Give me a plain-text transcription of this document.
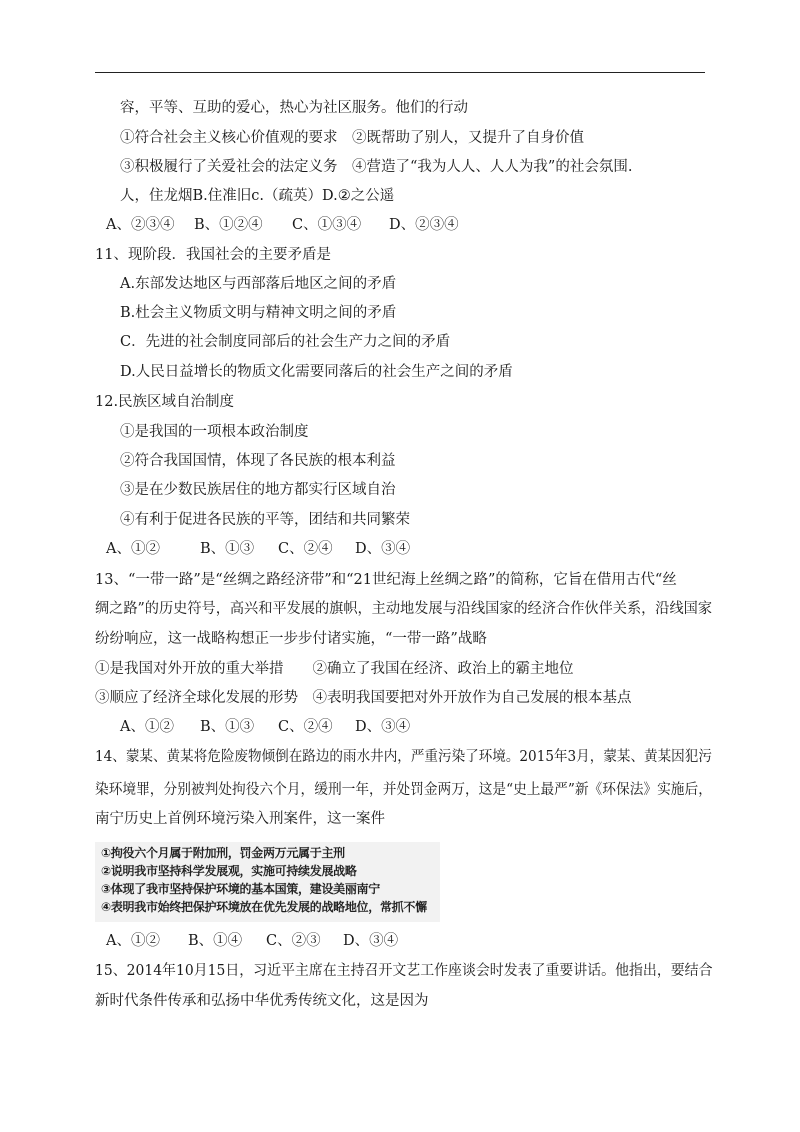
容，平等、互助的爱心，热心为社区服务。他们的行动
①符合社会主义核心价值观的要求　②既帮助了别人，又提升了自身价值
③积极履行了关爱社会的法定义务　④营造了“我为人人、人人为我”的社会氛围.
人，住龙烟B.住准旧c.（疏英）D.②之公遥
A、②③④ B、①②④ C、①③④ D、②③④
11、现阶段．我国社会的主要矛盾是
A.东部发达地区与西部落后地区之间的矛盾
B.杜会主义物质文明与精神文明之间的矛盾
C．先进的社会制度同部后的社会生产力之间的矛盾
D.人民日益增长的物质文化需要同落后的社会生产之间的矛盾
12.民族区域自治制度
①是我国的一项根本政治制度
②符合我国国情，体现了各民族的根本利益
③是在少数民族居住的地方都实行区域自治
④有利于促进各民族的平等，团结和共同繁荣
A、①②	B、①③ C、②④ D、③④
13、“一带一路”是“丝绸之路经济带”和“21世纪海上丝绸之路”的简称，它旨在借用古代“丝
绸之路”的历史符号，高兴和平发展的旗帜，主动地发展与沿线国家的经济合作伙伴关系，沿线国家
纷纷响应，这一战略构想正一步步付诸实施，“一带一路”战略
①是我国对外开放的重大举措　　②确立了我国在经济、政治上的霸主地位
③顺应了经济全球化发展的形势　④表明我国要把对外开放作为自己发展的根本基点
A、①② B、①③ C、②④ D、③④
14、蒙某、黄某将危险废物倾倒在路边的雨水井内，严重污染了环境。2015年3月，蒙某、黄某因犯污
染环境罪，分别被判处拘役六个月，缓刑一年，并处罚金两万，这是“史上最严”新《环保法》实施后，
南宁历史上首例环境污染入刑案件，这一案件
①拘役六个月属于附加刑，罚金两万元属于主刑
②说明我市坚持科学发展观，实施可持续发展战略
③体现了我市坚持保护环境的基本国策，建设美丽南宁
④表明我市始终把保护环境放在优先发展的战略地位，常抓不懈
A、①② B、①④ C、②③ D、③④
15、2014年10月15日，习近平主席在主持召开文艺工作座谈会时发表了重要讲话。他指出，要结合
新时代条件传承和弘扬中华优秀传统文化，这是因为
